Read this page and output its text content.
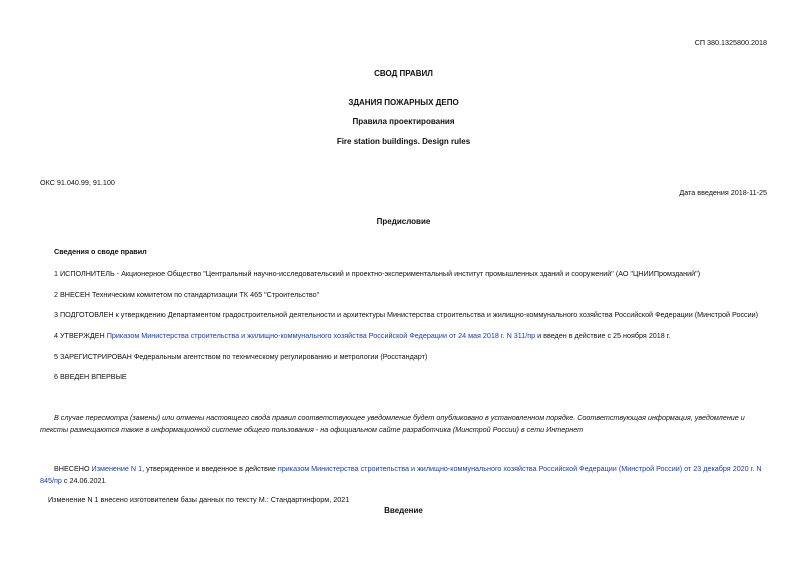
СП 380.1325800.2018
СВОД ПРАВИЛ
ЗДАНИЯ ПОЖАРНЫХ ДЕПО
Правила проектирования
Fire station buildings. Design rules
ОКС 91.040.99, 91.100
Дата введения 2018-11-25
Предисловие
Сведения о своде правил
1 ИСПОЛНИТЕЛЬ - Акционерное Общество "Центральный научно-исследовательский и проектно-экспериментальный институт промышленных зданий и сооружений" (АО "ЦНИИПромзданий")
2 ВНЕСЕН Техническим комитетом по стандартизации ТК 465 "Строительство"
3 ПОДГОТОВЛЕН к утверждению Департаментом градостроительной деятельности и архитектуры Министерства строительства и жилищно-коммунального хозяйства Российской Федерации (Минстрой России)
4 УТВЕРЖДЕН Приказом Министерства строительства и жилищно-коммунального хозяйства Российской Федерации от 24 мая 2018 г. N 311/пр и введен в действие с 25 ноября 2018 г.
5 ЗАРЕГИСТРИРОВАН Федеральным агентством по техническому регулированию и метрологии (Росстандарт)
6 ВВЕДЕН ВПЕРВЫЕ
В случае пересмотра (замены) или отмены настоящего свода правил соответствующее уведомление будет опубликовано в установленном порядке. Соответствующая информация, уведомление и тексты размещаются также в информационной системе общего пользования - на официальном сайте разработчика (Минстрой России) в сети Интернет
ВНЕСЕНО Изменение N 1, утвержденное и введенное в действие приказом Министерства строительства и жилищно-коммунального хозяйства Российской Федерации (Минстрой России) от 23 декабря 2020 г. N 845/пр с 24.06.2021
Изменение N 1 внесено изготовителем базы данных по тексту М.: Стандартинформ, 2021
Введение
